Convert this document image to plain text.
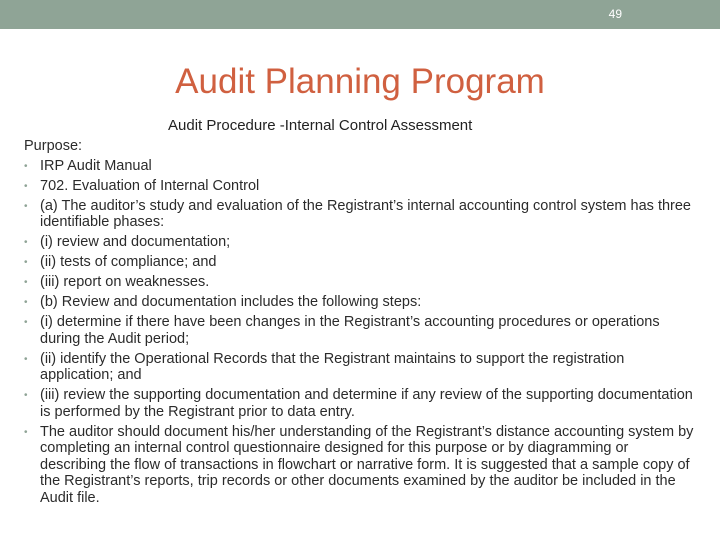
49
Audit Planning Program
Audit Procedure -Internal Control Assessment
Purpose:
• IRP Audit Manual
• 702. Evaluation of Internal Control
• (a) The auditor’s study and evaluation of the Registrant’s internal accounting control system has three identifiable phases:
• (i) review and documentation;
• (ii) tests of compliance; and
• (iii) report on weaknesses.
• (b) Review and documentation includes the following steps:
• (i) determine if there have been changes in the Registrant’s accounting procedures or operations during the Audit period;
• (ii) identify the Operational Records that the Registrant maintains to support the registration application; and
• (iii) review the supporting documentation and determine if any review of the supporting documentation is performed by the Registrant prior to data entry.
• The auditor should document his/her understanding of the Registrant’s distance accounting system by completing an internal control questionnaire designed for this purpose or by diagramming or describing the flow of transactions in flowchart or narrative form. It is suggested that a sample copy of the Registrant’s reports, trip records or other documents examined by the auditor be included in the Audit file.
